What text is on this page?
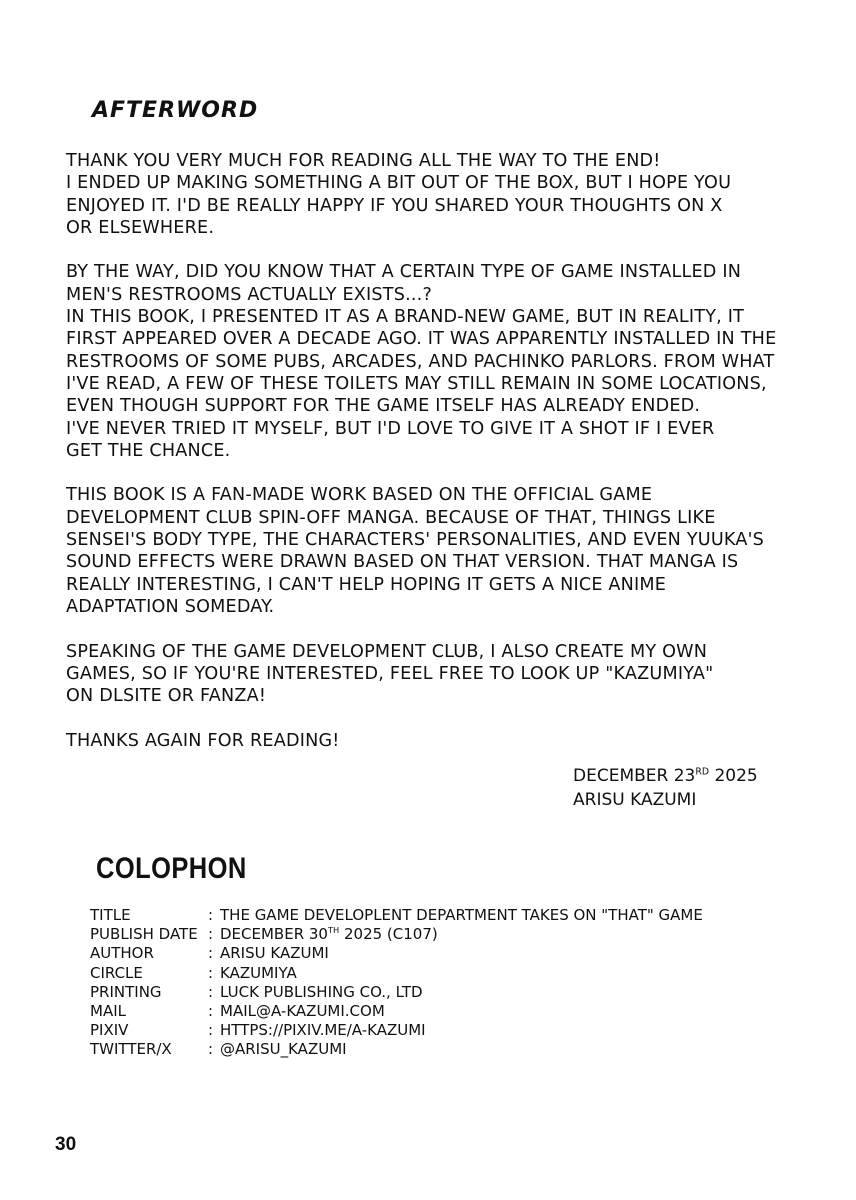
AFTERWORD

THANK YOU VERY MUCH FOR READING ALL THE WAY TO THE END!
I ENDED UP MAKING SOMETHING A BIT OUT OF THE BOX, BUT I HOPE YOU
ENJOYED IT. I'D BE REALLY HAPPY IF YOU SHARED YOUR THOUGHTS ON X
OR ELSEWHERE.

BY THE WAY, DID YOU KNOW THAT A CERTAIN TYPE OF GAME INSTALLED IN
MEN'S RESTROOMS ACTUALLY EXISTS...?
IN THIS BOOK, I PRESENTED IT AS A BRAND-NEW GAME, BUT IN REALITY, IT
FIRST APPEARED OVER A DECADE AGO. IT WAS APPARENTLY INSTALLED IN THE
RESTROOMS OF SOME PUBS, ARCADES, AND PACHINKO PARLORS. FROM WHAT
I'VE READ, A FEW OF THESE TOILETS MAY STILL REMAIN IN SOME LOCATIONS,
EVEN THOUGH SUPPORT FOR THE GAME ITSELF HAS ALREADY ENDED.
I'VE NEVER TRIED IT MYSELF, BUT I'D LOVE TO GIVE IT A SHOT IF I EVER
GET THE CHANCE.

THIS BOOK IS A FAN-MADE WORK BASED ON THE OFFICIAL GAME
DEVELOPMENT CLUB SPIN-OFF MANGA. BECAUSE OF THAT, THINGS LIKE
SENSEI'S BODY TYPE, THE CHARACTERS' PERSONALITIES, AND EVEN YUUKA'S
SOUND EFFECTS WERE DRAWN BASED ON THAT VERSION. THAT MANGA IS
REALLY INTERESTING, I CAN'T HELP HOPING IT GETS A NICE ANIME
ADAPTATION SOMEDAY.

SPEAKING OF THE GAME DEVELOPMENT CLUB, I ALSO CREATE MY OWN
GAMES, SO IF YOU'RE INTERESTED, FEEL FREE TO LOOK UP "KAZUMIYA"
ON DLSITE OR FANZA!

THANKS AGAIN FOR READING!

DECEMBER 23RD 2025
ARISU KAZUMI
COLOPHON
TITLE	:	THE GAME DEVELOPLENT DEPARTMENT TAKES ON "THAT" GAME
PUBLISH DATE	:	DECEMBER 30TH 2025 (C107)
AUTHOR	:	ARISU KAZUMI
CIRCLE	:	KAZUMIYA
PRINTING	:	LUCK PUBLISHING CO., LTD
MAIL	:	MAIL@A-KAZUMI.COM
PIXIV	:	HTTPS://PIXIV.ME/A-KAZUMI
TWITTER/X	:	@ARISU_KAZUMI
30
